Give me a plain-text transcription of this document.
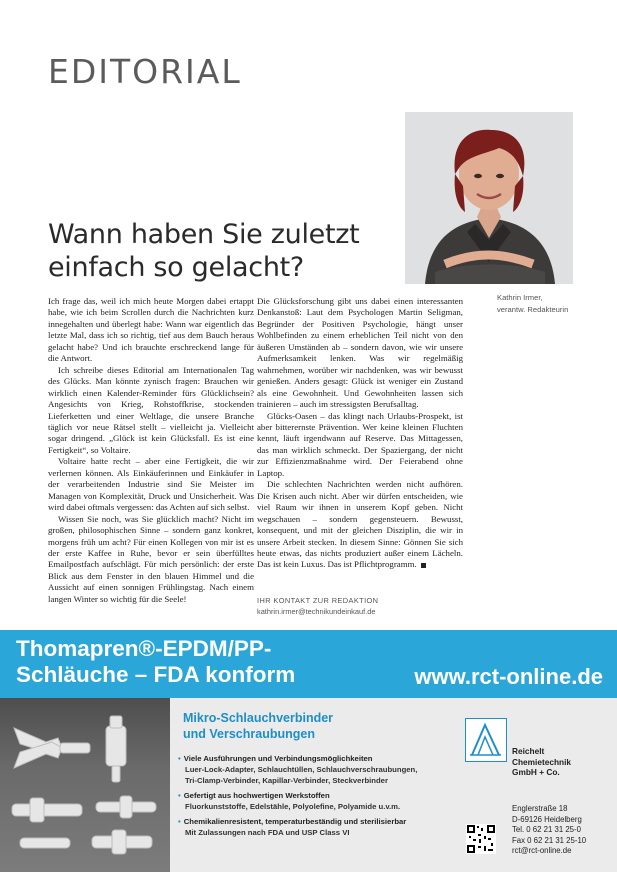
EDITORIAL
Kathrin Irmer,
verantw. Redakteurin
Wann haben Sie zuletzt
einfach so gelacht?

Ich frage das, weil ich mich heute Morgen dabei ertappt habe, wie ich beim Scrollen durch die Nachrichten kurz innegehalten und überlegt habe: Wann war eigentlich das letzte Mal, dass ich so richtig, tief aus dem Bauch heraus gelacht habe? Und ich brauchte erschreckend lange für die Antwort.

Ich schreibe dieses Editorial am Internationalen Tag des Glücks. Man könnte zynisch fragen: Brauchen wir wirklich einen Kalender-Reminder fürs Glücklichsein? Angesichts von Krieg, Rohstoffkrise, stockenden Lieferketten und einer Weltlage, die unsere Branche täglich vor neue Rätsel stellt – vielleicht ja. Vielleicht sogar dringend. „Glück ist kein Glücksfall. Es ist eine Fertigkeit“, so Voltaire.

Voltaire hatte recht – aber eine Fertigkeit, die wir verlernen können. Als Einkäuferinnen und Einkäufer in der verarbeitenden Industrie sind Sie Meister im Managen von Komplexität, Druck und Unsicherheit. Was wird dabei oftmals vergessen: das Achten auf sich selbst.

Wissen Sie noch, was Sie glücklich macht? Nicht im großen, philosophischen Sinne – sondern ganz konkret, morgens früh um acht? Für einen Kollegen von mir ist es der erste Kaffee in Ruhe, bevor er sein überfülltes Emailpostfach aufschlägt. Für mich persönlich: der erste Blick aus dem Fenster in den blauen Himmel und die Aussicht auf einen sonnigen Frühlingstag. Nach einem langen Winter so wichtig für die Seele!

Die Glücksforschung gibt uns dabei einen interessanten Denkanstoß: Laut dem Psychologen Martin Seligman, Begründer der Positiven Psychologie, hängt unser Wohlbefinden zu einem erheblichen Teil nicht von den äußeren Umständen ab – sondern davon, wie wir unsere Aufmerksamkeit lenken. Was wir regelmäßig wahrnehmen, worüber wir nachdenken, was wir bewusst genießen. Anders gesagt: Glück ist weniger ein Zustand als eine Gewohnheit. Und Gewohnheiten lassen sich trainieren – auch im stressigsten Berufsalltag.

Glücks-Oasen – das klingt nach Urlaubs-Prospekt, ist aber bitterernste Prävention. Wer keine kleinen Fluchten kennt, läuft irgendwann auf Reserve. Das Mittagessen, das man wirklich schmeckt. Der Spaziergang, der nicht zur Effizienzmaßnahme wird. Der Feierabend ohne Laptop.

Die schlechten Nachrichten werden nicht aufhören. Die Krisen auch nicht. Aber wir dürfen entscheiden, wie viel Raum wir ihnen in unserem Kopf geben. Nicht wegschauen – sondern gegensteuern. Bewusst, konsequent, und mit der gleichen Disziplin, die wir in unsere Arbeit stecken. In diesem Sinne: Gönnen Sie sich heute etwas, das nichts produziert außer einem Lächeln. Das ist kein Luxus. Das ist Pflichtprogramm.

IHR KONTAKT ZUR REDAKTION
kathrin.irmer@technikundeinkauf.de
Thomapren®-EPDM/PP-
Schläuche – FDA konform	www.rct-online.de
Mikro-Schlauchverbinder
und Verschraubungen
• Viele Ausführungen und Verbindungsmöglichkeiten
Luer-Lock-Adapter, Schlauchtüllen, Schlauchverschraubungen,
Tri-Clamp-Verbinder, Kapillar-Verbinder, Steckverbinder
• Gefertigt aus hochwertigen Werkstoffen
Fluorkunststoffe, Edelstähle, Polyolefine, Polyamide u.v.m.
• Chemikalienresistent, temperaturbeständig und sterilisierbar
Mit Zulassungen nach FDA und USP Class VI
Reichelt
Chemietechnik
GmbH + Co.
Englerstraße 18
D-69126 Heidelberg
Tel. 0 62 21 31 25-0
Fax 0 62 21 31 25-10
rct@rct-online.de
